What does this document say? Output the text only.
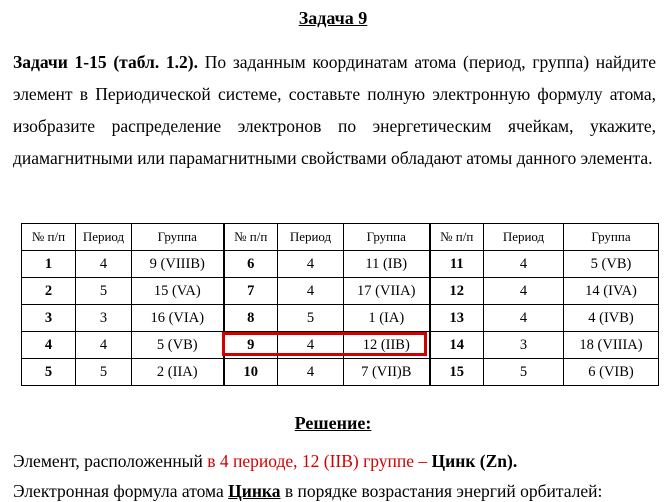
Задача 9
Задачи 1-15 (табл. 1.2). По заданным координатам атома (период, группа) найдите элемент в Периодической системе, составьте полную электронную формулу атома, изобразите распределение электронов по энергетическим ячейкам, укажите, диамагнитными или парамагнитными свойствами обладают атомы данного элемента.
№ п/п	Период	Группа	№ п/п	Период	Группа	№ п/п	Период	Группа
1	4	9 (VIIIB)	6	4	11 (IB)	11	4	5 (VB)
2	5	15 (VA)	7	4	17 (VIIA)	12	4	14 (IVA)
3	3	16 (VIA)	8	5	1 (IA)	13	4	4 (IVB)
4	4	5 (VB)	9	4	12 (IIB)	14	3	18 (VIIIA)
5	5	2 (IIA)	10	4	7 (VII)B	15	5	6 (VIB)
Решение:
Элемент, расположенный в 4 периоде, 12 (IIB) группе – Цинк (Zn).
Электронная формула атома Цинка в порядке возрастания энергий орбиталей:
